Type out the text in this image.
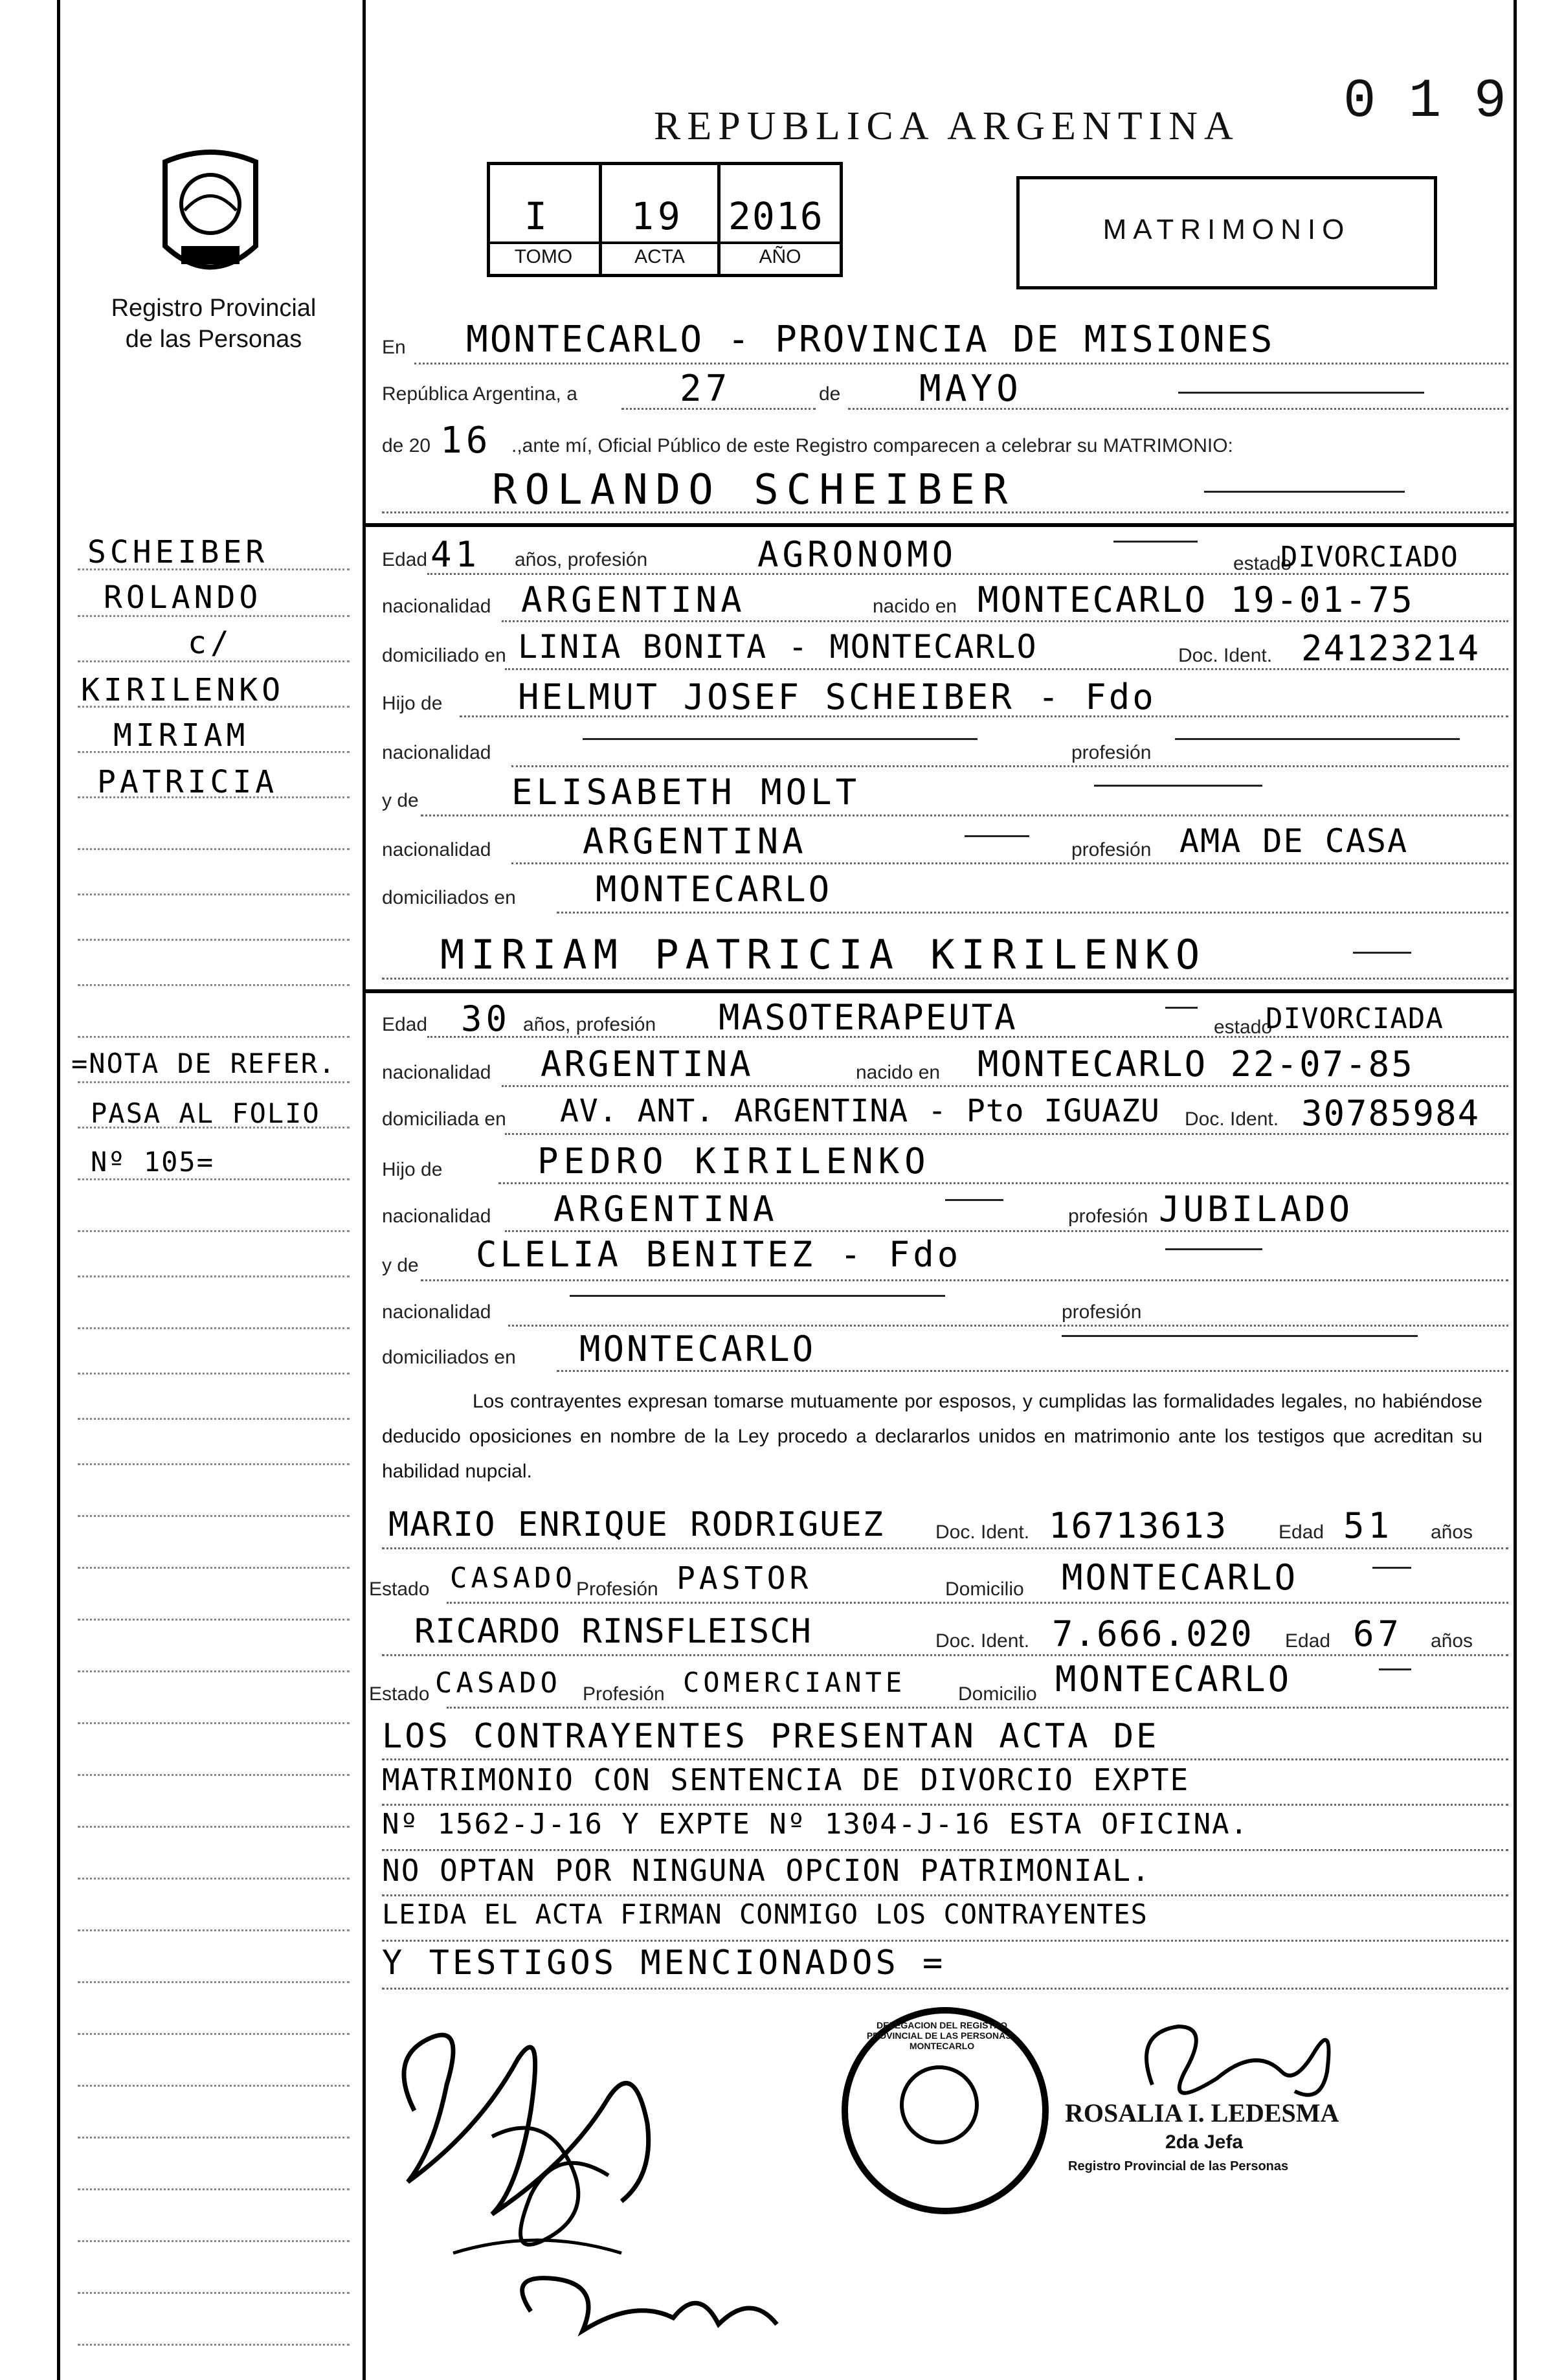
Registro Provincial de las Personas
SCHEIBER
ROLANDO
c/
KIRILENKO
MIRIAM
PATRICIA
=NOTA DE REFER.
PASA AL FOLIO
Nº 105=
REPUBLICA ARGENTINA 0 1 9
I 19 2016
TOMO	ACTA	AÑO
MATRIMONIO
En MONTECARLO - PROVINCIA DE MISIONES
República Argentina, a	27	de MAYO
de 20 16 .,ante mí, Oficial Público de este Registro comparecen a celebrar su MATRIMONIO:
ROLANDO SCHEIBER
Edad 41 años, profesión	AGRONOMO	estado
DIVORCIADO
nacionalidad ARGENTINA	nacido en MONTECARLO 19-01-75
domiciliado en LINIA BONITA - MONTECARLO	Doc. Ident. 24123214
Hijo de HELMUT JOSEF SCHEIBER - Fdo
nacionalidad	profesión
y de	ELISABETH MOLT
nacionalidad	ARGENTINA	profesión AMA DE CASA
domiciliados en MONTECARLO
MIRIAM PATRICIA KIRILENKO
Edad 30 años, profesión MASOTERAPEUTA	estado
DIVORCIADA
nacionalidad ARGENTINA	nacido en MONTECARLO 22-07-85
domiciliada en AV. ANT. ARGENTINA - Pto IGUAZU Doc. Ident. 30785984
Hijo de	PEDRO KIRILENKO
nacionalidad ARGENTINA	profesión JUBILADO
y de CLELIA BENITEZ - Fdo
nacionalidad	profesión
domiciliados en MONTECARLO
Los contrayentes expresan tomarse mutuamente por esposos, y cumplidas las formalidades legales, no habiéndose deducido oposiciones en nombre de la Ley procedo a declararlos unidos en matrimonio ante los testigos que acreditan su habilidad nupcial.
MARIO ENRIQUE RODRIGUEZ	Doc. Ident. 16713613	Edad 51 años
Estado CASADO Profesión PASTOR	Domicilio MONTECARLO
RICARDO RINSFLEISCH	Doc. Ident. 7.666.020 Edad 67 años
Estado CASADO Profesión COMERCIANTE	Domicilio MONTECARLO
LOS CONTRAYENTES PRESENTAN ACTA DE
MATRIMONIO CON SENTENCIA DE DIVORCIO EXPTE
Nº 1562-J-16 Y EXPTE Nº 1304-J-16 ESTA OFICINA.
NO OPTAN POR NINGUNA OPCION PATRIMONIAL.
LEIDA EL ACTA FIRMAN CONMIGO LOS CONTRAYENTES
Y TESTIGOS MENCIONADOS =
DELEGACION DEL REGISTRO PROVINCIAL DE LAS PERSONAS - MONTECARLO
ROSALIA I. LEDESMA
2da Jefa
Registro Provincial de las Personas
